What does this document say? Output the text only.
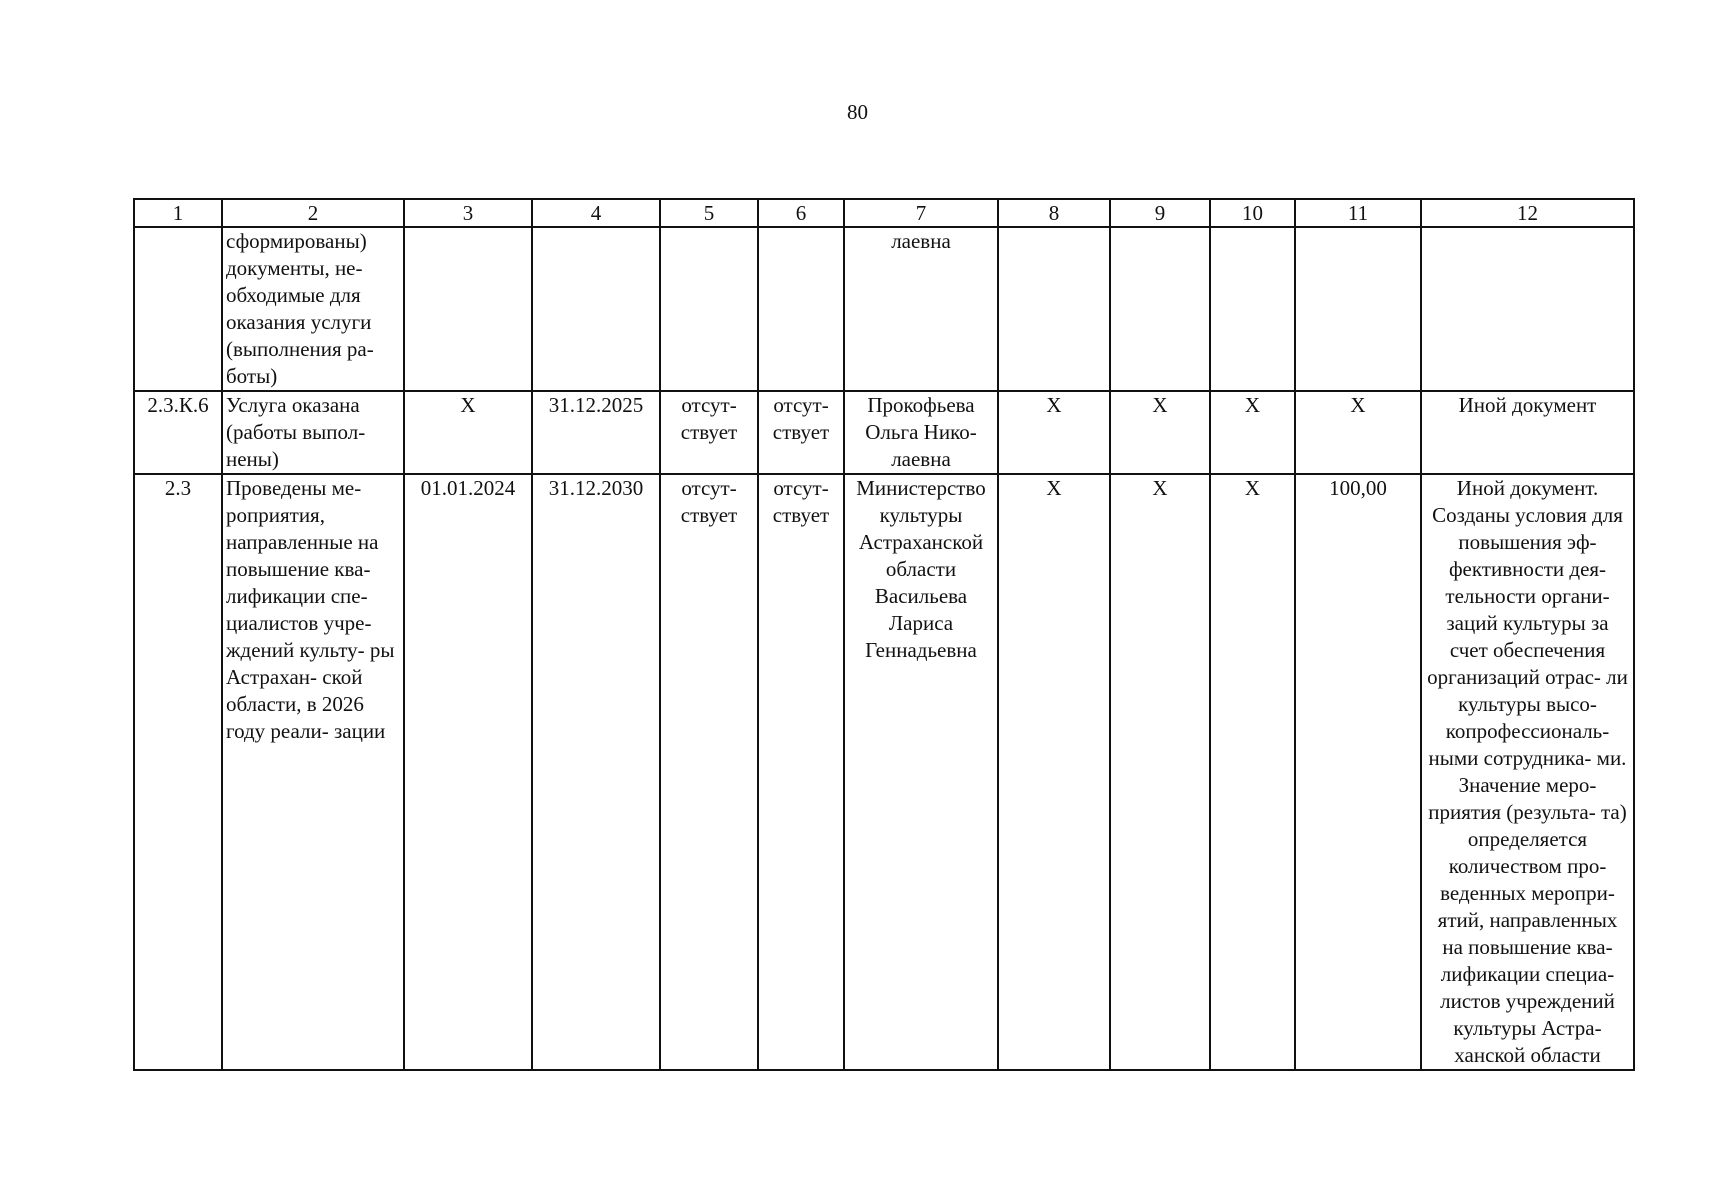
80
1	2	3	4	5	6	7	8	9	10	11	12
	сформированы) документы, не- обходимые для оказания услуги (выполнения ра- боты)					лаевна					
2.3.К.6	Услуга оказана (работы выпол- нены)	Х	31.12.2025	отсут- ствует	отсут- ствует	Прокофьева Ольга Нико- лаевна	Х	Х	Х	Х	Иной документ
2.3	Проведены ме- роприятия, направленные на повышение ква- лификации спе- циалистов учре- ждений культу- ры Астрахан- ской области, в 2026 году реали- зации	01.01.2024	31.12.2030	отсут- ствует	отсут- ствует	Министерство культуры Астраханской области Васильева Лариса Геннадьевна	Х	Х	Х	100,00	Иной документ. Созданы условия для повышения эф- фективности дея- тельности органи- заций культуры за счет обеспечения организаций отрас- ли культуры высо- копрофессиональ- ными сотрудника- ми. Значение меро- приятия (результа- та) определяется количеством про- веденных меропри- ятий, направленных на повышение ква- лификации специа- листов учреждений культуры Астра- ханской области
